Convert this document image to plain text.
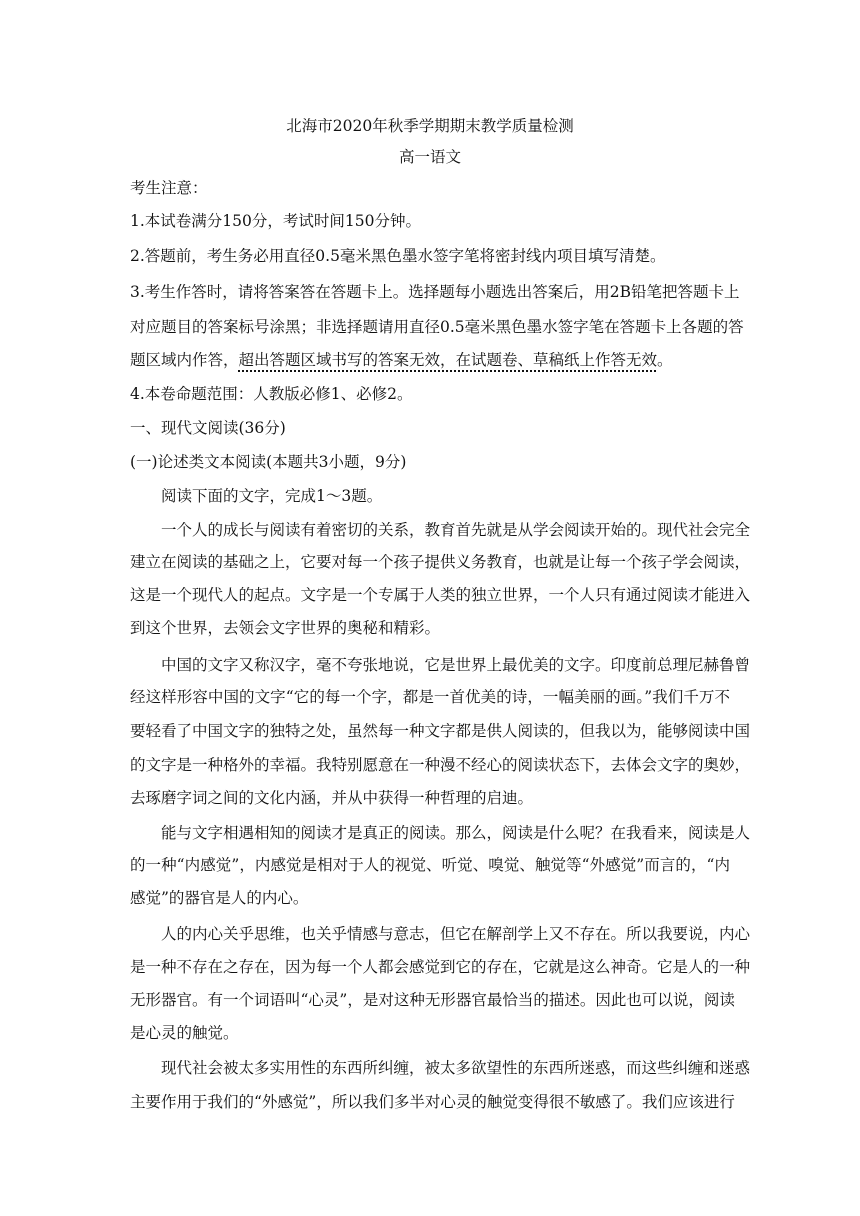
北海市2020年秋季学期期末教学质量检测
高一语文
考生注意：
1.本试卷满分150分，考试时间150分钟。
2.答题前，考生务必用直径0.5毫米黑色墨水签字笔将密封线内项目填写清楚。
3.考生作答时，请将答案答在答题卡上。选择题每小题选出答案后，用2B铅笔把答题卡上
对应题目的答案标号涂黑；非选择题请用直径0.5毫米黑色墨水签字笔在答题卡上各题的答
题区域内作答，超出答题区域书写的答案无效，在试题卷、草稿纸上作答无效。
4.本卷命题范围：人教版必修1、必修2。
一、现代文阅读(36分)
(一)论述类文本阅读(本题共3小题，9分)
阅读下面的文字，完成1～3题。
一个人的成长与阅读有着密切的关系，教育首先就是从学会阅读开始的。现代社会完全
建立在阅读的基础之上，它要对每一个孩子提供义务教育，也就是让每一个孩子学会阅读，
这是一个现代人的起点。文字是一个专属于人类的独立世界，一个人只有通过阅读才能进入
到这个世界，去领会文字世界的奥秘和精彩。
中国的文字又称汉字，毫不夸张地说，它是世界上最优美的文字。印度前总理尼赫鲁曾
经这样形容中国的文字“它的每一个字，都是一首优美的诗，一幅美丽的画。”我们千万不
要轻看了中国文字的独特之处，虽然每一种文字都是供人阅读的，但我以为，能够阅读中国
的文字是一种格外的幸福。我特别愿意在一种漫不经心的阅读状态下，去体会文字的奥妙，
去琢磨字词之间的文化内涵，并从中获得一种哲理的启迪。
能与文字相遇相知的阅读才是真正的阅读。那么，阅读是什么呢？在我看来，阅读是人
的一种“内感觉”，内感觉是相对于人的视觉、听觉、嗅觉、触觉等“外感觉”而言的，“内
感觉”的器官是人的内心。
人的内心关乎思维，也关乎情感与意志，但它在解剖学上又不存在。所以我要说，内心
是一种不存在之存在，因为每一个人都会感觉到它的存在，它就是这么神奇。它是人的一种
无形器官。有一个词语叫“心灵”，是对这种无形器官最恰当的描述。因此也可以说，阅读
是心灵的触觉。
现代社会被太多实用性的东西所纠缠，被太多欲望性的东西所迷惑，而这些纠缠和迷惑
主要作用于我们的“外感觉”，所以我们多半对心灵的触觉变得很不敏感了。我们应该进行
